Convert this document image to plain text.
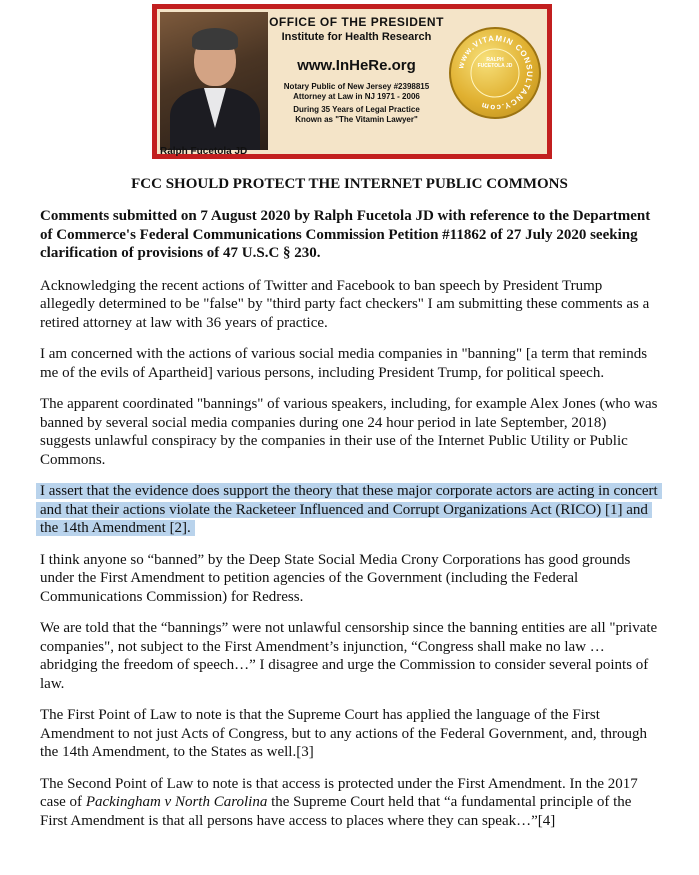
Ralph Fucetola JD
OFFICE OF THE PRESIDENT
Institute for Health Research
www.InHeRe.org
Notary Public of New Jersey #2398815
Attorney at Law in NJ 1971 - 2006
During 35 Years of Legal Practice
Known as "The Vitamin Lawyer"
www.VITAMIN CONSULTANCY.com
RALPH FUCETOLA JD
FCC SHOULD PROTECT THE INTERNET PUBLIC COMMONS

Comments submitted on 7 August 2020 by Ralph Fucetola JD with reference to the Department of Commerce's Federal Communications Commission Petition #11862 of 27 July 2020 seeking clarification of provisions of 47 U.S.C § 230.

Acknowledging the recent actions of Twitter and Facebook to ban speech by President Trump allegedly determined to be "false" by "third party fact checkers" I am submitting these comments as a retired attorney at law with 36 years of practice.

I am concerned with the actions of various social media companies in "banning" [a term that reminds me of the evils of Apartheid] various persons, including President Trump, for political speech.

The apparent coordinated "bannings" of various speakers, including, for example Alex Jones (who was banned by several social media companies during one 24 hour period in late September, 2018) suggests unlawful conspiracy by the companies in their use of the Internet Public Utility or Public Commons.

I assert that the evidence does support the theory that these major corporate actors are acting in concert and that their actions violate the Racketeer Influenced and Corrupt Organizations Act (RICO) [1] and the 14th Amendment [2].

I think anyone so “banned” by the Deep State Social Media Crony Corporations has good grounds under the First Amendment to petition agencies of the Government (including the Federal Communications Commission) for Redress.

We are told that the “bannings” were not unlawful censorship since the banning entities are all "private companies", not subject to the First Amendment’s injunction, “Congress shall make no law … abridging the freedom of speech…” I disagree and urge the Commission to consider several points of law.

The First Point of Law to note is that the Supreme Court has applied the language of the First Amendment to not just Acts of Congress, but to any actions of the Federal Government, and, through the 14th Amendment, to the States as well.[3]

The Second Point of Law to note is that access is protected under the First Amendment. In the 2017 case of Packingham v North Carolina the Supreme Court held that “a fundamental principle of the First Amendment is that all persons have access to places where they can speak…”[4]
